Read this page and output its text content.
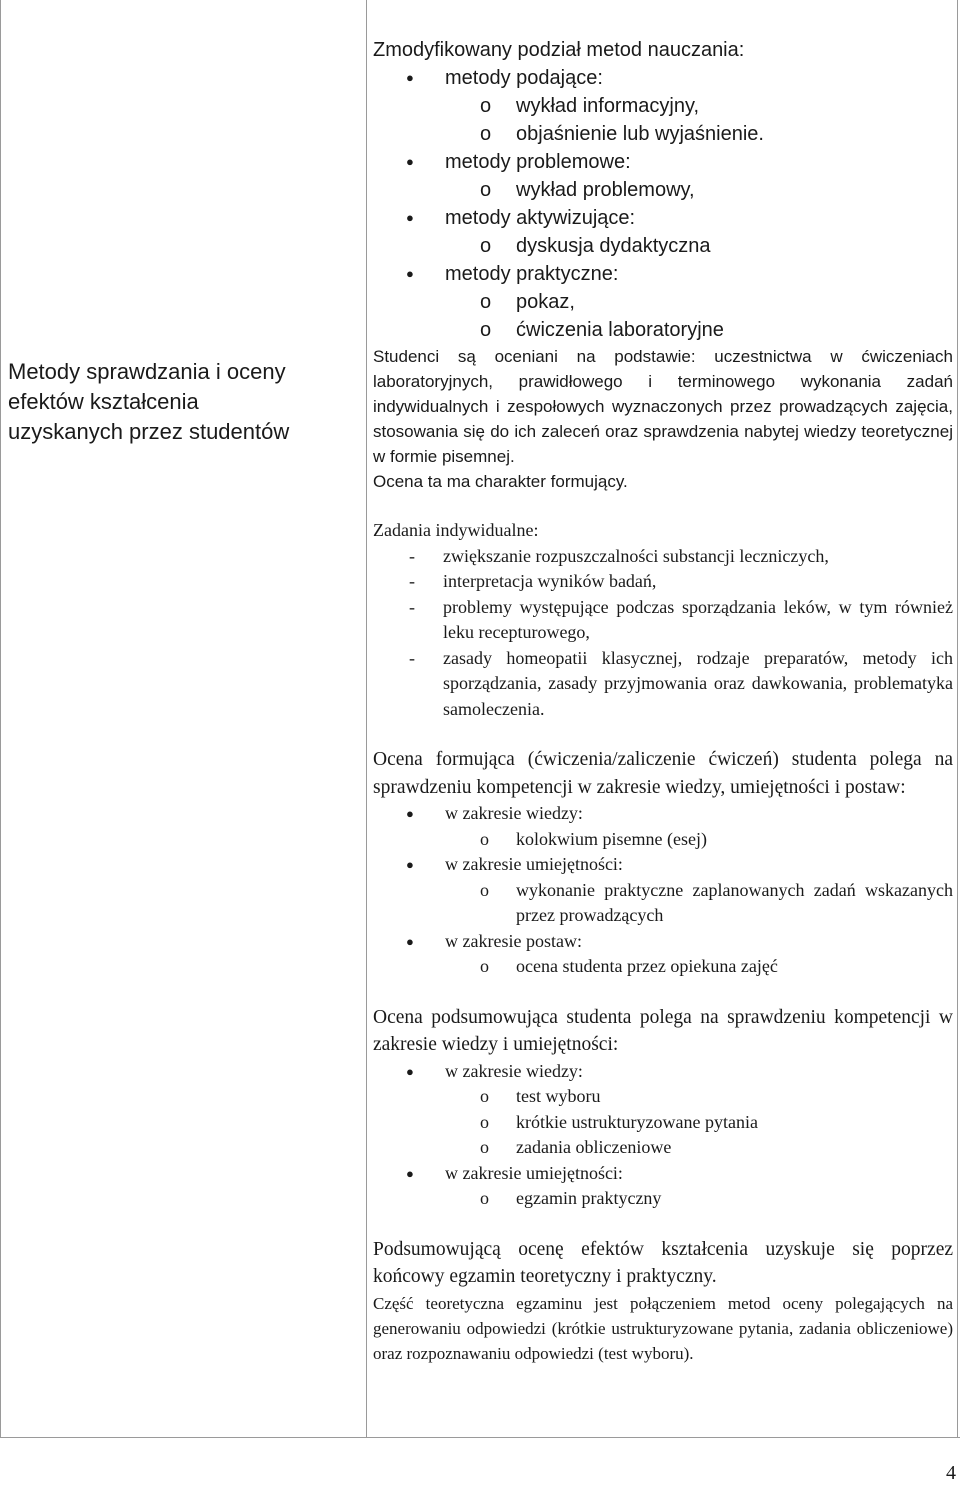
Metody sprawdzania i oceny
efektów kształcenia
uzyskanych przez studentów
Zmodyfikowany podział metod nauczania:
● metody podające:
o wykład informacyjny,
o objaśnienie lub wyjaśnienie.
● metody problemowe:
o wykład problemowy,
● metody aktywizujące:
o dyskusja dydaktyczna
● metody praktyczne:
o pokaz,
o ćwiczenia laboratoryjne
Studenci są oceniani na podstawie: uczestnictwa w ćwiczeniach laboratoryjnych, prawidłowego i terminowego wykonania zadań indywidualnych i zespołowych wyznaczonych przez prowadzących zajęcia, stosowania się do ich zaleceń oraz sprawdzenia nabytej wiedzy teoretycznej w formie pisemnej.
Ocena ta ma charakter formujący.
Zadania indywidualne:
- zwiększanie rozpuszczalności substancji leczniczych,
- interpretacja wyników badań,
- problemy występujące podczas sporządzania leków, w tym również leku recepturowego,
- zasady homeopatii klasycznej, rodzaje preparatów, metody ich sporządzania, zasady przyjmowania oraz dawkowania, problematyka samoleczenia.
Ocena formująca (ćwiczenia/zaliczenie ćwiczeń) studenta polega na sprawdzeniu kompetencji w zakresie wiedzy, umiejętności i postaw:
● w zakresie wiedzy:
o kolokwium pisemne (esej)
● w zakresie umiejętności:
o wykonanie praktyczne zaplanowanych zadań wskazanych przez prowadzących
● w zakresie postaw:
o ocena studenta przez opiekuna zajęć
Ocena podsumowująca studenta polega na sprawdzeniu kompetencji w zakresie wiedzy i umiejętności:
● w zakresie wiedzy:
o test wyboru
o krótkie ustrukturyzowane pytania
o zadania obliczeniowe
● w zakresie umiejętności:
o egzamin praktyczny
Podsumowującą ocenę efektów kształcenia uzyskuje się poprzez końcowy egzamin teoretyczny i praktyczny.
Część teoretyczna egzaminu jest połączeniem metod oceny polegających na generowaniu odpowiedzi (krótkie ustrukturyzowane pytania, zadania obliczeniowe) oraz rozpoznawaniu odpowiedzi (test wyboru).
4
